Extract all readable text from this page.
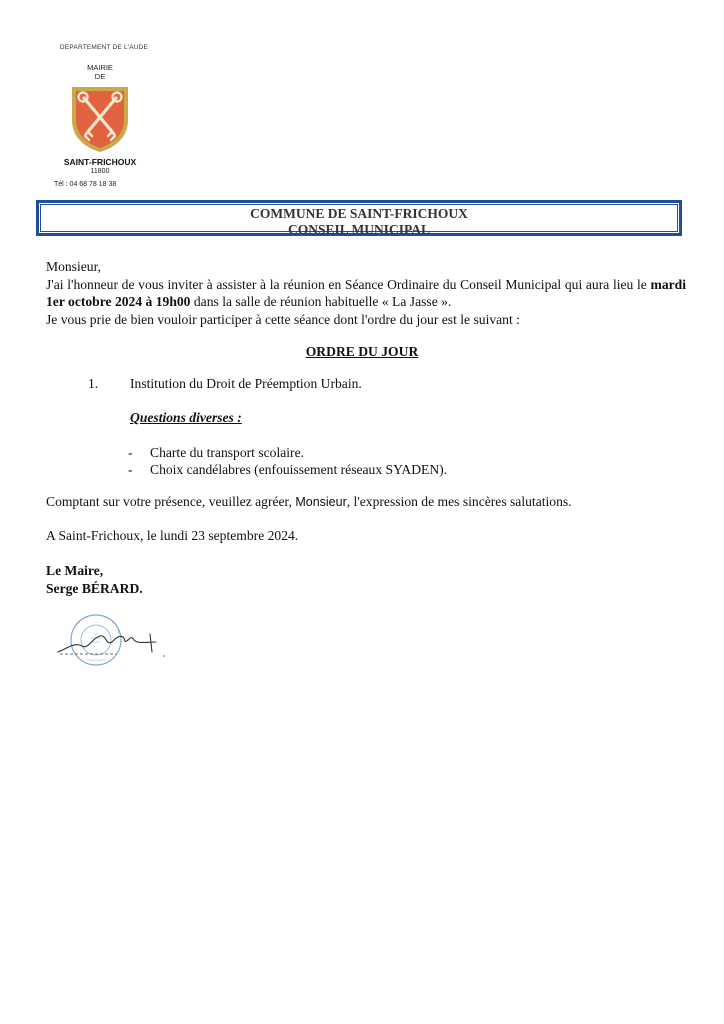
DEPARTEMENT DE L'AUDE
MAIRIE
DE
SAINT-FRICHOUX
11800
Tél : 04 68 78 18 38
COMMUNE DE SAINT-FRICHOUX
CONSEIL MUNICIPAL

Monsieur,

J'ai l'honneur de vous inviter à assister à la réunion en Séance Ordinaire du Conseil Municipal qui aura lieu le mardi 1er octobre 2024 à 19h00 dans la salle de réunion habituelle « La Jasse ».

Je vous prie de bien vouloir participer à cette séance dont l'ordre du jour est le suivant :

ORDRE DU JOUR
1. Institution du Droit de Préemption Urbain.
Questions diverses :
- Charte du transport scolaire.
- Choix candélabres (enfouissement réseaux SYADEN).
Comptant sur votre présence, veuillez agréer, Monsieur, l'expression de mes sincères salutations.
A Saint-Frichoux, le lundi 23 septembre 2024.
Le Maire,
Serge BÉRARD.
